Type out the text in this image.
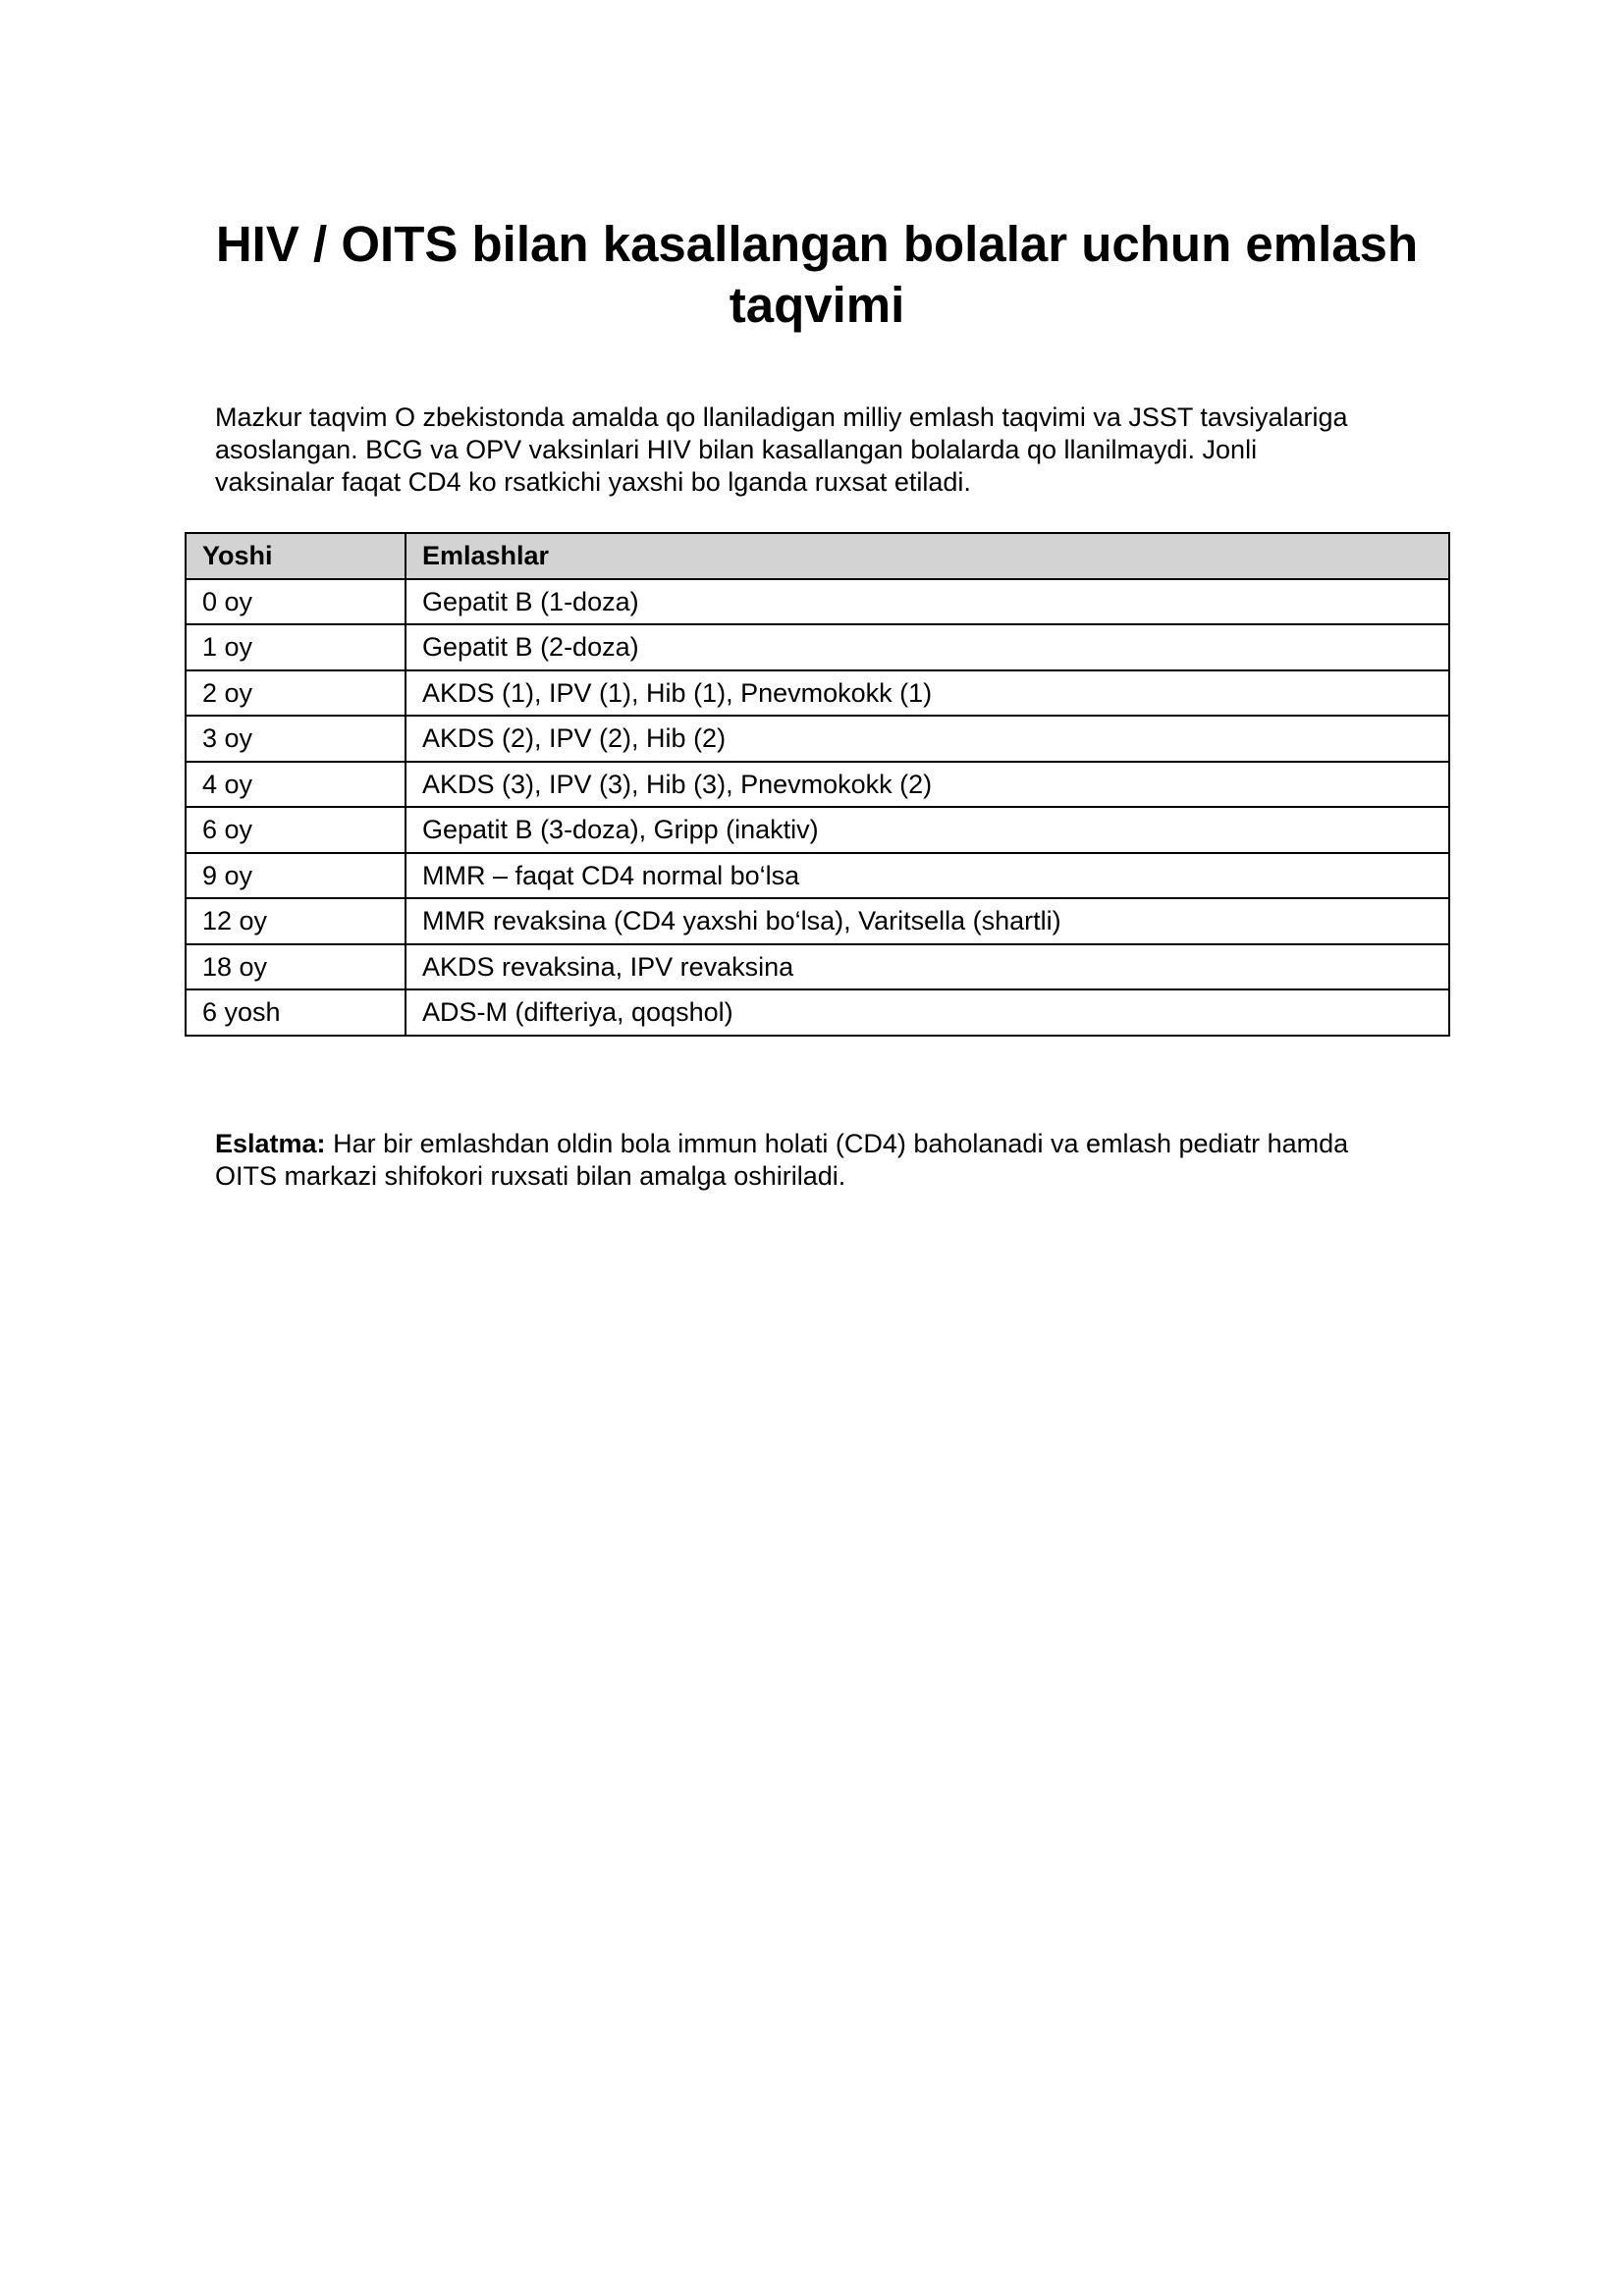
HIV / OITS bilan kasallangan bolalar uchun emlash taqvimi

Mazkur taqvim O zbekistonda amalda qo llaniladigan milliy emlash taqvimi va JSST tavsiyalariga
asoslangan. BCG va OPV vaksinlari HIV bilan kasallangan bolalarda qo llanilmaydi. Jonli
vaksinalar faqat CD4 ko rsatkichi yaxshi bo lganda ruxsat etiladi.

Yoshi	Emlashlar
0 oy	Gepatit B (1-doza)
1 oy	Gepatit B (2-doza)
2 oy	AKDS (1), IPV (1), Hib (1), Pnevmokokk (1)
3 oy	AKDS (2), IPV (2), Hib (2)
4 oy	AKDS (3), IPV (3), Hib (3), Pnevmokokk (2)
6 oy	Gepatit B (3-doza), Gripp (inaktiv)
9 oy	MMR – faqat CD4 normal bo‘lsa
12 oy	MMR revaksina (CD4 yaxshi bo‘lsa), Varitsella (shartli)
18 oy	AKDS revaksina, IPV revaksina
6 yosh	ADS-M (difteriya, qoqshol)

Eslatma: Har bir emlashdan oldin bola immun holati (CD4) baholanadi va emlash pediatr hamda
OITS markazi shifokori ruxsati bilan amalga oshiriladi.
